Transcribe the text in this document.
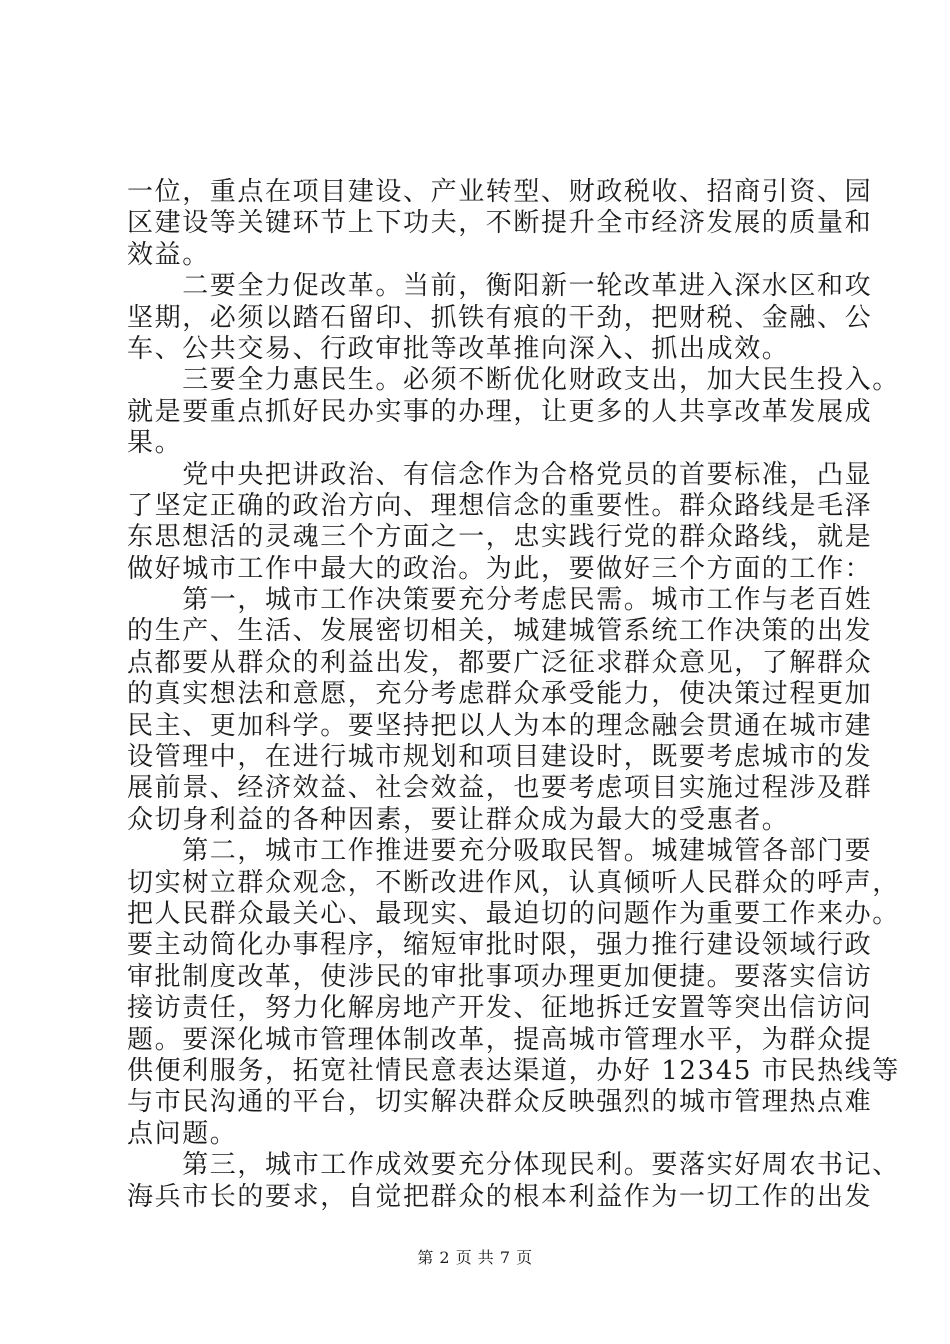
一位，重点在项目建设、产业转型、财政税收、招商引资、园
区建设等关键环节上下功夫，不断提升全市经济发展的质量和
效益。
　　二要全力促改革。当前，衡阳新一轮改革进入深水区和攻
坚期，必须以踏石留印、抓铁有痕的干劲，把财税、金融、公
车、公共交易、行政审批等改革推向深入、抓出成效。
　　三要全力惠民生。必须不断优化财政支出，加大民生投入。
就是要重点抓好民办实事的办理，让更多的人共享改革发展成
果。
　　党中央把讲政治、有信念作为合格党员的首要标准，凸显
了坚定正确的政治方向、理想信念的重要性。群众路线是毛泽
东思想活的灵魂三个方面之一，忠实践行党的群众路线，就是
做好城市工作中最大的政治。为此，要做好三个方面的工作：
　　第一，城市工作决策要充分考虑民需。城市工作与老百姓
的生产、生活、发展密切相关，城建城管系统工作决策的出发
点都要从群众的利益出发，都要广泛征求群众意见，了解群众
的真实想法和意愿，充分考虑群众承受能力，使决策过程更加
民主、更加科学。要坚持把以人为本的理念融会贯通在城市建
设管理中，在进行城市规划和项目建设时，既要考虑城市的发
展前景、经济效益、社会效益，也要考虑项目实施过程涉及群
众切身利益的各种因素，要让群众成为最大的受惠者。
　　第二，城市工作推进要充分吸取民智。城建城管各部门要
切实树立群众观念，不断改进作风，认真倾听人民群众的呼声，
把人民群众最关心、最现实、最迫切的问题作为重要工作来办。
要主动简化办事程序，缩短审批时限，强力推行建设领域行政
审批制度改革，使涉民的审批事项办理更加便捷。要落实信访
接访责任，努力化解房地产开发、征地拆迁安置等突出信访问
题。要深化城市管理体制改革，提高城市管理水平，为群众提
供便利服务，拓宽社情民意表达渠道，办好 12345 市民热线等
与市民沟通的平台，切实解决群众反映强烈的城市管理热点难
点问题。
　　第三，城市工作成效要充分体现民利。要落实好周农书记、
海兵市长的要求，自觉把群众的根本利益作为一切工作的出发
第 2 页 共 7 页
